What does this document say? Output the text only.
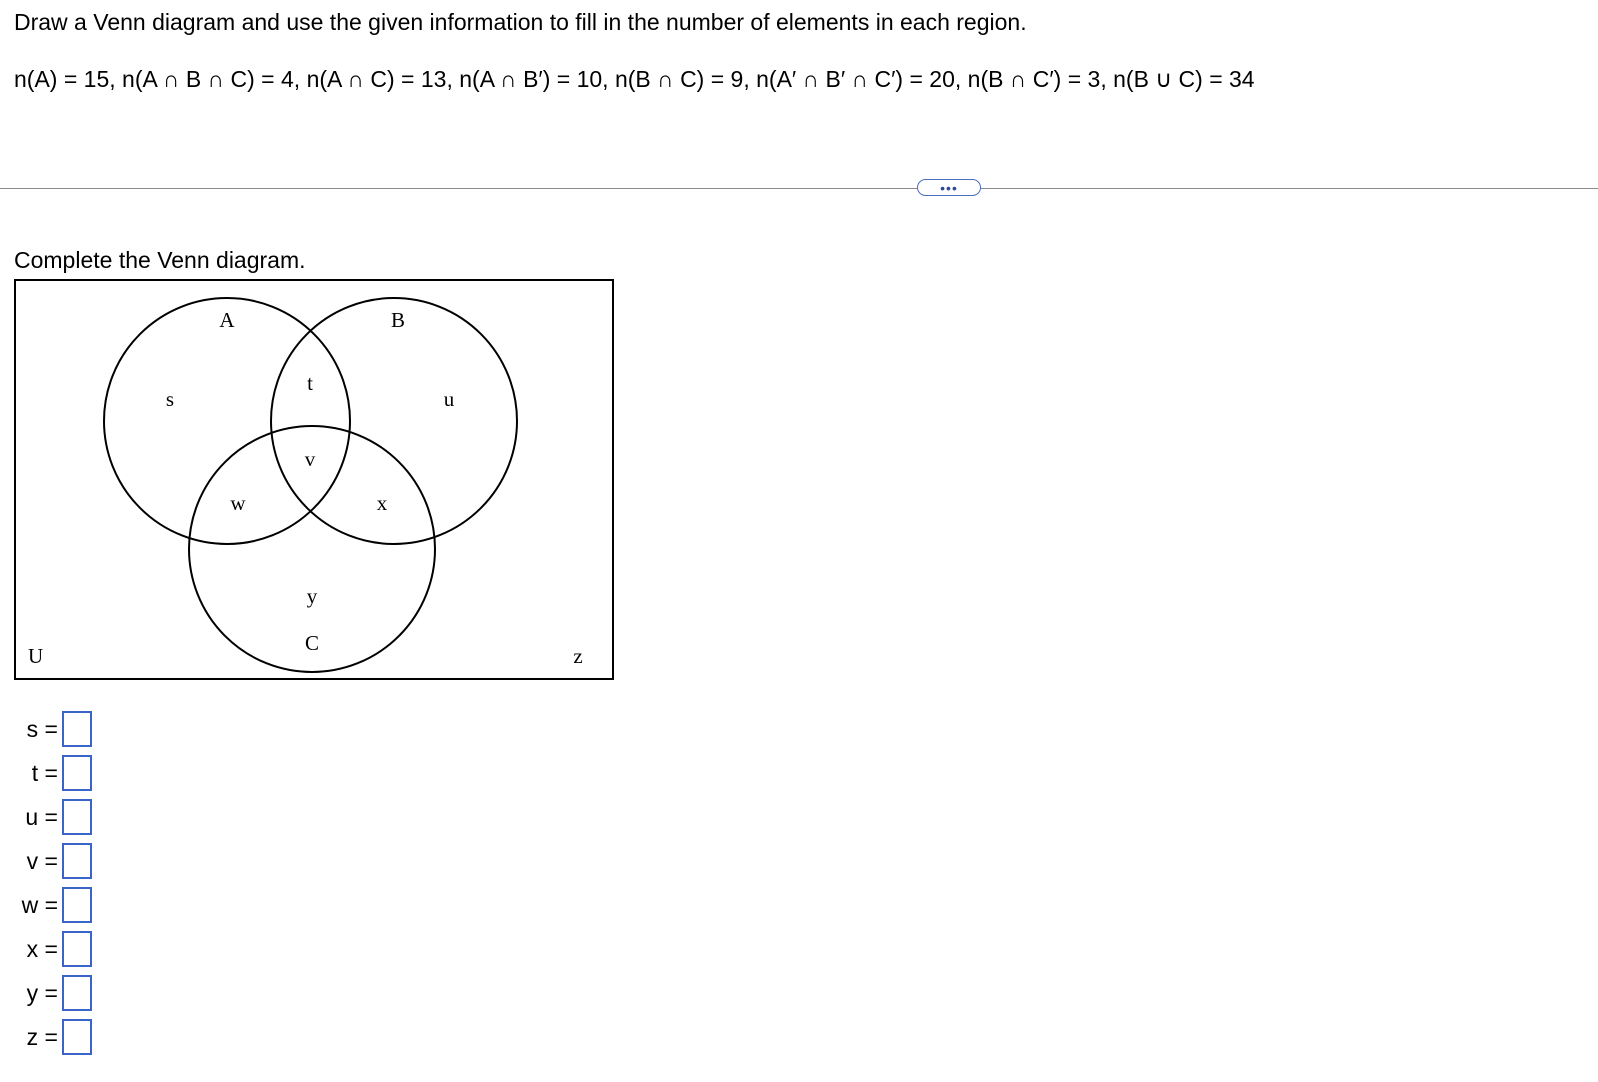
Draw a Venn diagram and use the given information to fill in the number of elements in each region.
n(A) = 15, n(A ∩ B ∩ C) = 4, n(A ∩ C) = 13, n(A ∩ B′) = 10, n(B ∩ C) = 9, n(A′ ∩ B′ ∩ C′) = 20, n(B ∩ C′) = 3, n(B ∪ C) = 34
•••
Complete the Venn diagram.
A	B
C
U
s
t
u
v
w	x
y
z
s =
t =
u =
v =
w =
x =
y =
z =
